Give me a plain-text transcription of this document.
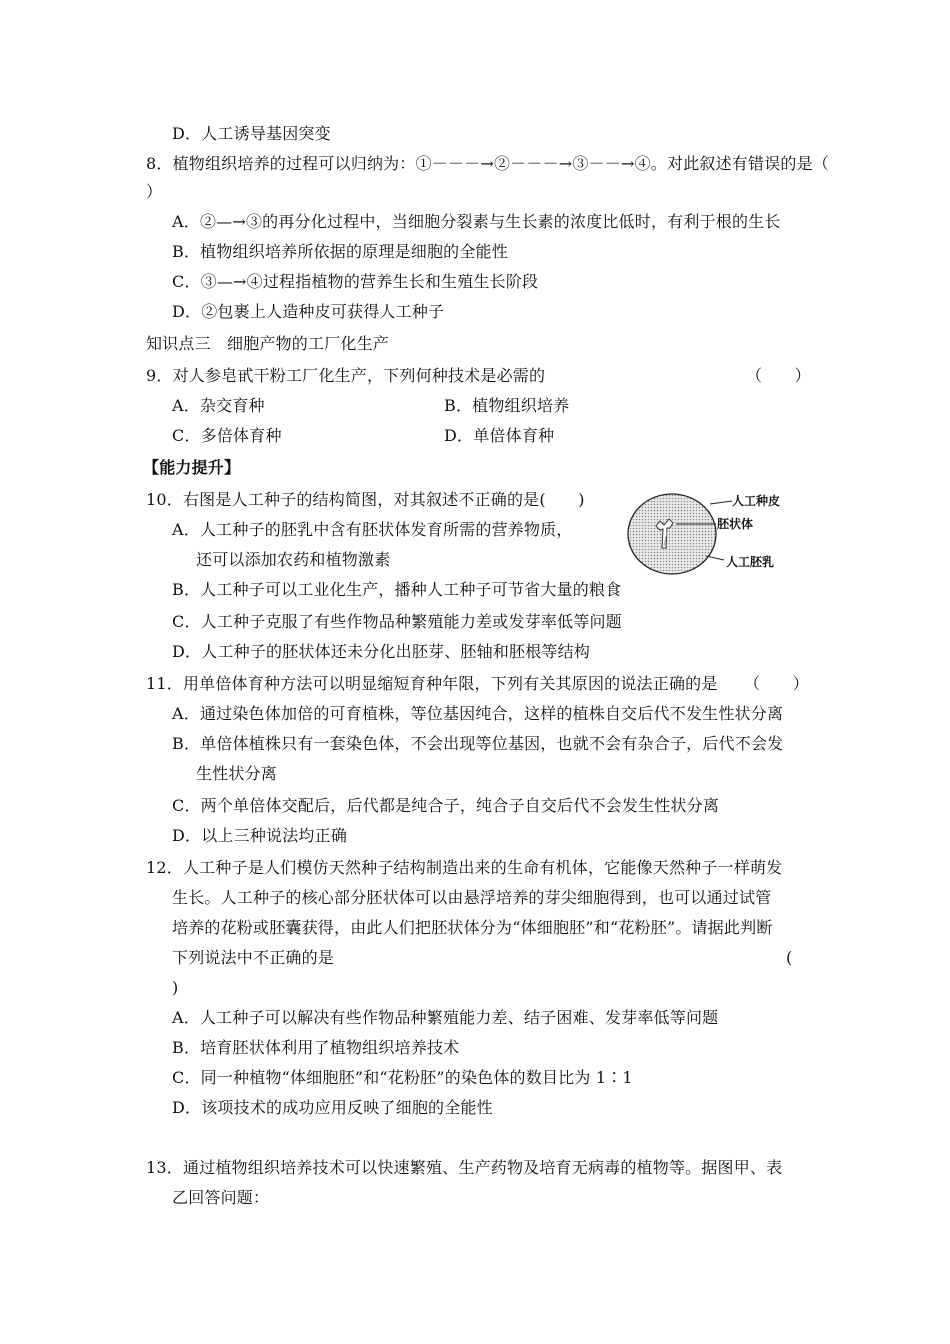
D．人工诱导基因突变
8．植物组织培养的过程可以归纳为：①－－－→②－－－→③－－→④。对此叙述有错误的是（
）
A．②—→③的再分化过程中，当细胞分裂素与生长素的浓度比低时，有利于根的生长
B．植物组织培养所依据的原理是细胞的全能性
C．③—→④过程指植物的营养生长和生殖生长阶段
D．②包裹上人造种皮可获得人工种子
知识点三　细胞产物的工厂化生产
9．对人参皂甙干粉工厂化生产，下列何种技术是必需的	（　　）
A．杂交育种	B．植物组织培养
C．多倍体育种	D．单倍体育种
【能力提升】
10．右图是人工种子的结构简图，对其叙述不正确的是(　　)
A．人工种子的胚乳中含有胚状体发育所需的营养物质，
还可以添加农药和植物激素
B．人工种子可以工业化生产，播种人工种子可节省大量的粮食
C．人工种子克服了有些作物品种繁殖能力差或发芽率低等问题
D．人工种子的胚状体还未分化出胚芽、胚轴和胚根等结构
人工种皮
胚状体
人工胚乳
11．用单倍体育种方法可以明显缩短育种年限，下列有关其原因的说法正确的是 （　　）
A．通过染色体加倍的可育植株，等位基因纯合，这样的植株自交后代不发生性状分离
B．单倍体植株只有一套染色体，不会出现等位基因，也就不会有杂合子，后代不会发
生性状分离
C．两个单倍体交配后，后代都是纯合子，纯合子自交后代不会发生性状分离
D．以上三种说法均正确
12．人工种子是人们模仿天然种子结构制造出来的生命有机体，它能像天然种子一样萌发
生长。人工种子的核心部分胚状体可以由悬浮培养的芽尖细胞得到，也可以通过试管
培养的花粉或胚囊获得，由此人们把胚状体分为“体细胞胚”和“花粉胚”。请据此判断
下列说法中不正确的是	(
)
A．人工种子可以解决有些作物品种繁殖能力差、结子困难、发芽率低等问题
B．培育胚状体利用了植物组织培养技术
C．同一种植物“体细胞胚”和“花粉胚”的染色体的数目比为 1∶1
D．该项技术的成功应用反映了细胞的全能性
13．通过植物组织培养技术可以快速繁殖、生产药物及培育无病毒的植物等。据图甲、表
乙回答问题：
